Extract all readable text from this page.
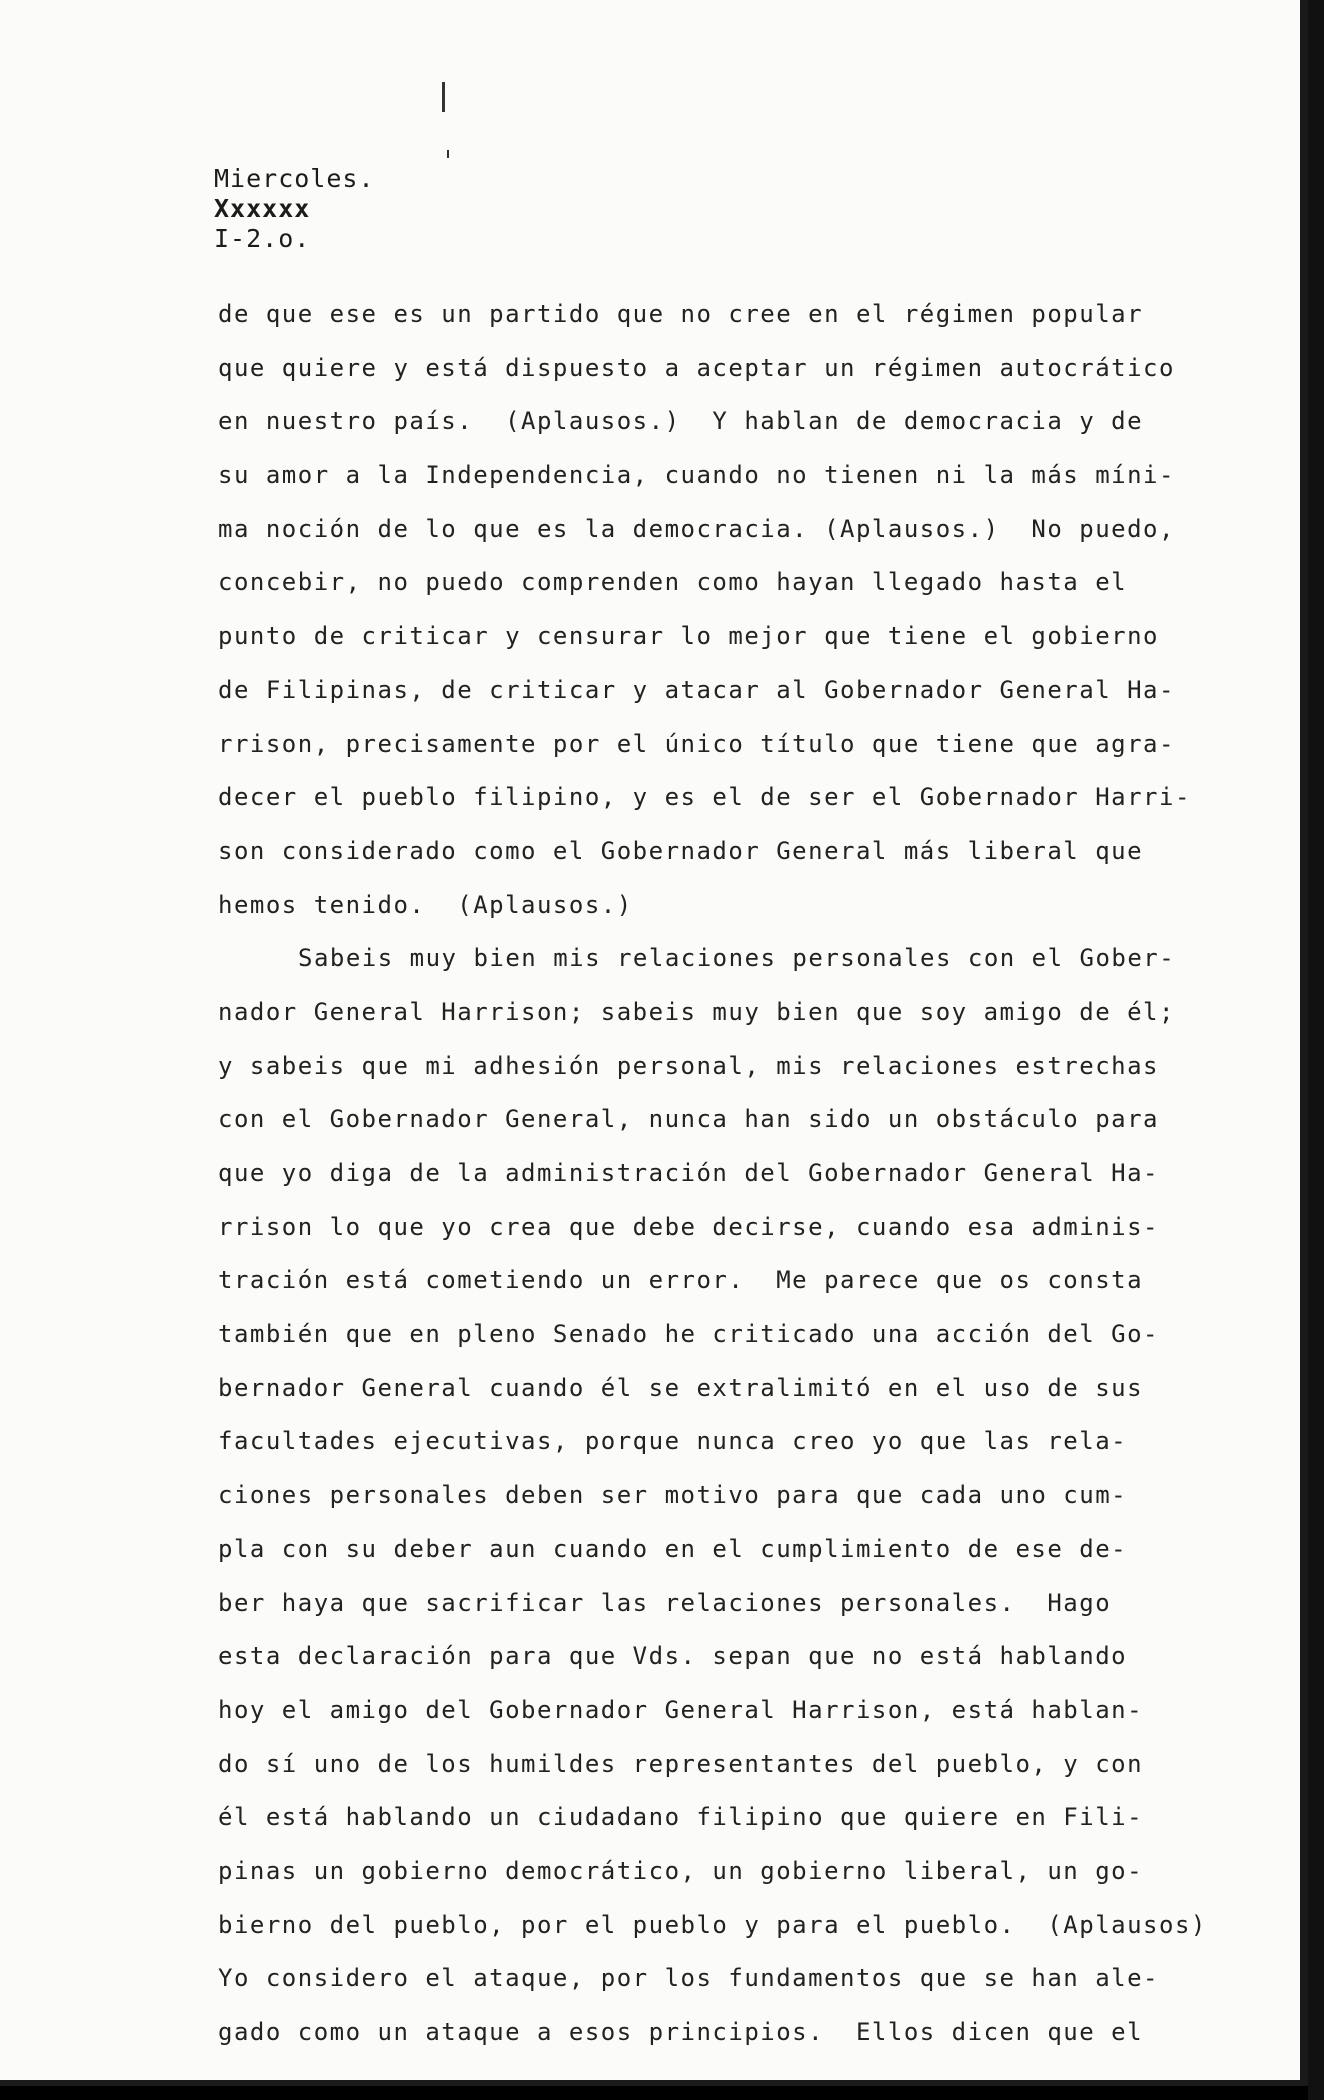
Miercoles.
Xxxxxx
I-2.o.
de que ese es un partido que no cree en el régimen popular
que quiere y está dispuesto a aceptar un régimen autocrático
en nuestro país.  (Aplausos.)  Y hablan de democracia y de
su amor a la Independencia, cuando no tienen ni la más míni-
ma noción de lo que es la democracia. (Aplausos.)  No puedo,
concebir, no puedo comprenden como hayan llegado hasta el
punto de criticar y censurar lo mejor que tiene el gobierno
de Filipinas, de criticar y atacar al Gobernador General Ha-
rrison, precisamente por el único título que tiene que agra-
decer el pueblo filipino, y es el de ser el Gobernador Harri-
son considerado como el Gobernador General más liberal que
hemos tenido.  (Aplausos.)
Sabeis muy bien mis relaciones personales con el Gober-
nador General Harrison; sabeis muy bien que soy amigo de él;
y sabeis que mi adhesión personal, mis relaciones estrechas
con el Gobernador General, nunca han sido un obstáculo para
que yo diga de la administración del Gobernador General Ha-
rrison lo que yo crea que debe decirse, cuando esa adminis-
tración está cometiendo un error.  Me parece que os consta
también que en pleno Senado he criticado una acción del Go-
bernador General cuando él se extralimitó en el uso de sus
facultades ejecutivas, porque nunca creo yo que las rela-
ciones personales deben ser motivo para que cada uno cum-
pla con su deber aun cuando en el cumplimiento de ese de-
ber haya que sacrificar las relaciones personales.  Hago
esta declaración para que Vds. sepan que no está hablando
hoy el amigo del Gobernador General Harrison, está hablan-
do sí uno de los humildes representantes del pueblo, y con
él está hablando un ciudadano filipino que quiere en Fili-
pinas un gobierno democrático, un gobierno liberal, un go-
bierno del pueblo, por el pueblo y para el pueblo.  (Aplausos)
Yo considero el ataque, por los fundamentos que se han ale-
gado como un ataque a esos principios.  Ellos dicen que el
